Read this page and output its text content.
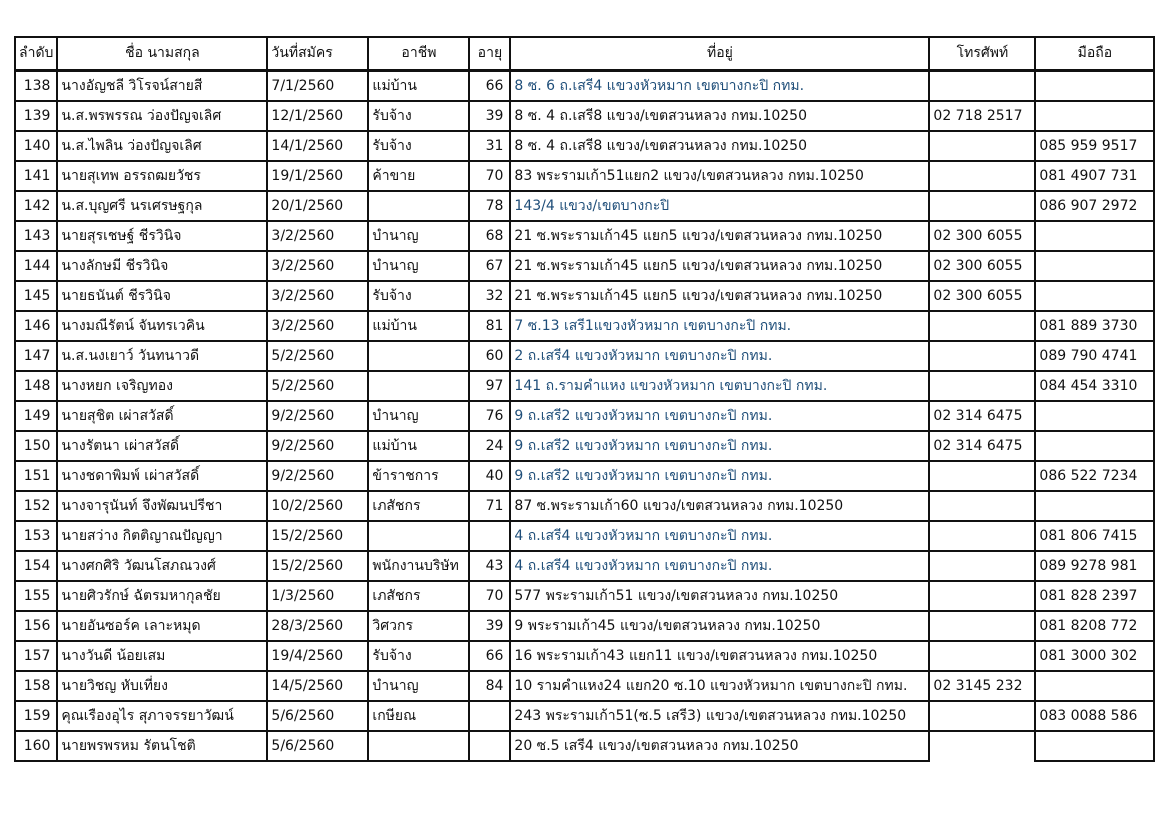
ลำดับ	ชื่อ นามสกุล	วันที่สมัคร	อาชีพ	อายุ	ที่อยู่	โทรศัพท์	มือถือ
138	นางอัญชลี วิโรจน์สายสี	7/1/2560	แม่บ้าน	66	8 ซ. 6 ถ.เสรี4 แขวงหัวหมาก เขตบางกะปิ กทม.		
139	น.ส.พรพรรณ ว่องปัญจเลิศ	12/1/2560	รับจ้าง	39	8 ซ. 4 ถ.เสรี8 แขวง/เขตสวนหลวง กทม.10250	02 718 2517	
140	น.ส.ไพลิน ว่องปัญจเลิศ	14/1/2560	รับจ้าง	31	8 ซ. 4 ถ.เสรี8 แขวง/เขตสวนหลวง กทม.10250		085 959 9517
141	นายสุเทพ อรรถฒยวัชร	19/1/2560	ค้าขาย	70	83 พระรามเก้า51แยก2 แขวง/เขตสวนหลวง กทม.10250		081 4907 731
142	น.ส.บุญศรี นรเศรษฐกุล	20/1/2560		78	143/4 แขวง/เขตบางกะปิ		086 907 2972
143	นายสุรเชษฐ์ ชีรวินิจ	3/2/2560	บำนาญ	68	21 ซ.พระรามเก้า45 แยก5 แขวง/เขตสวนหลวง กทม.10250	02 300 6055	
144	นางลักษมี ชีรวินิจ	3/2/2560	บำนาญ	67	21 ซ.พระรามเก้า45 แยก5 แขวง/เขตสวนหลวง กทม.10250	02 300 6055	
145	นายธนันต์ ชีรวินิจ	3/2/2560	รับจ้าง	32	21 ซ.พระรามเก้า45 แยก5 แขวง/เขตสวนหลวง กทม.10250	02 300 6055	
146	นางมณีรัตน์ จันทรเวคิน	3/2/2560	แม่บ้าน	81	7 ซ.13 เสรี1แขวงหัวหมาก เขตบางกะปิ กทม.		081 889 3730
147	น.ส.นงเยาว์ วันทนาวดี	5/2/2560		60	2 ถ.เสรี4 แขวงหัวหมาก เขตบางกะปิ กทม.		089 790 4741
148	นางหยก เจริญทอง	5/2/2560		97	141 ถ.รามคำแหง แขวงหัวหมาก เขตบางกะปิ กทม.		084 454 3310
149	นายสุชิต เผ่าสวัสดิ์	9/2/2560	บำนาญ	76	9 ถ.เสรี2 แขวงหัวหมาก เขตบางกะปิ กทม.	02 314 6475	
150	นางรัตนา เผ่าสวัสดิ์	9/2/2560	แม่บ้าน	24	9 ถ.เสรี2 แขวงหัวหมาก เขตบางกะปิ กทม.	02 314 6475	
151	นางชดาพิมพ์ เผ่าสวัสดิ์	9/2/2560	ข้าราชการ	40	9 ถ.เสรี2 แขวงหัวหมาก เขตบางกะปิ กทม.		086 522 7234
152	นางจารุนันท์ จึงพัฒนปรีชา	10/2/2560	เภสัชกร	71	87 ซ.พระรามเก้า60 แขวง/เขตสวนหลวง กทม.10250		
153	นายสว่าง กิตติญาณปัญญา	15/2/2560			4 ถ.เสรี4 แขวงหัวหมาก เขตบางกะปิ กทม.		081 806 7415
154	นางศกศิริ วัฒนโสภณวงศ์	15/2/2560	พนักงานบริษัท	43	4 ถ.เสรี4 แขวงหัวหมาก เขตบางกะปิ กทม.		089 9278 981
155	นายศิวรักษ์ ฉัตรมหากุลชัย	1/3/2560	เภสัชกร	70	577 พระรามเก้า51 แขวง/เขตสวนหลวง กทม.10250		081 828 2397
156	นายอันซอร์ค เลาะหมุด	28/3/2560	วิศวกร	39	9 พระรามเก้า45 แขวง/เขตสวนหลวง กทม.10250		081 8208 772
157	นางวันดี น้อยเสม	19/4/2560	รับจ้าง	66	16 พระรามเก้า43 แยก11 แขวง/เขตสวนหลวง กทม.10250		081 3000 302
158	นายวิชญ หับเที่ยง	14/5/2560	บำนาญ	84	10 รามคำแหง24 แยก20 ซ.10 แขวงหัวหมาก เขตบางกะปิ กทม.	02 3145 232	
159	คุณเรืองอุไร สุภาจรรยาวัฒน์	5/6/2560	เกษียณ		243 พระรามเก้า51(ซ.5 เสรี3) แขวง/เขตสวนหลวง กทม.10250		083 0088 586
160	นายพรพรหม รัตนโชติ	5/6/2560			20 ซ.5 เสรี4 แขวง/เขตสวนหลวง กทม.10250		
